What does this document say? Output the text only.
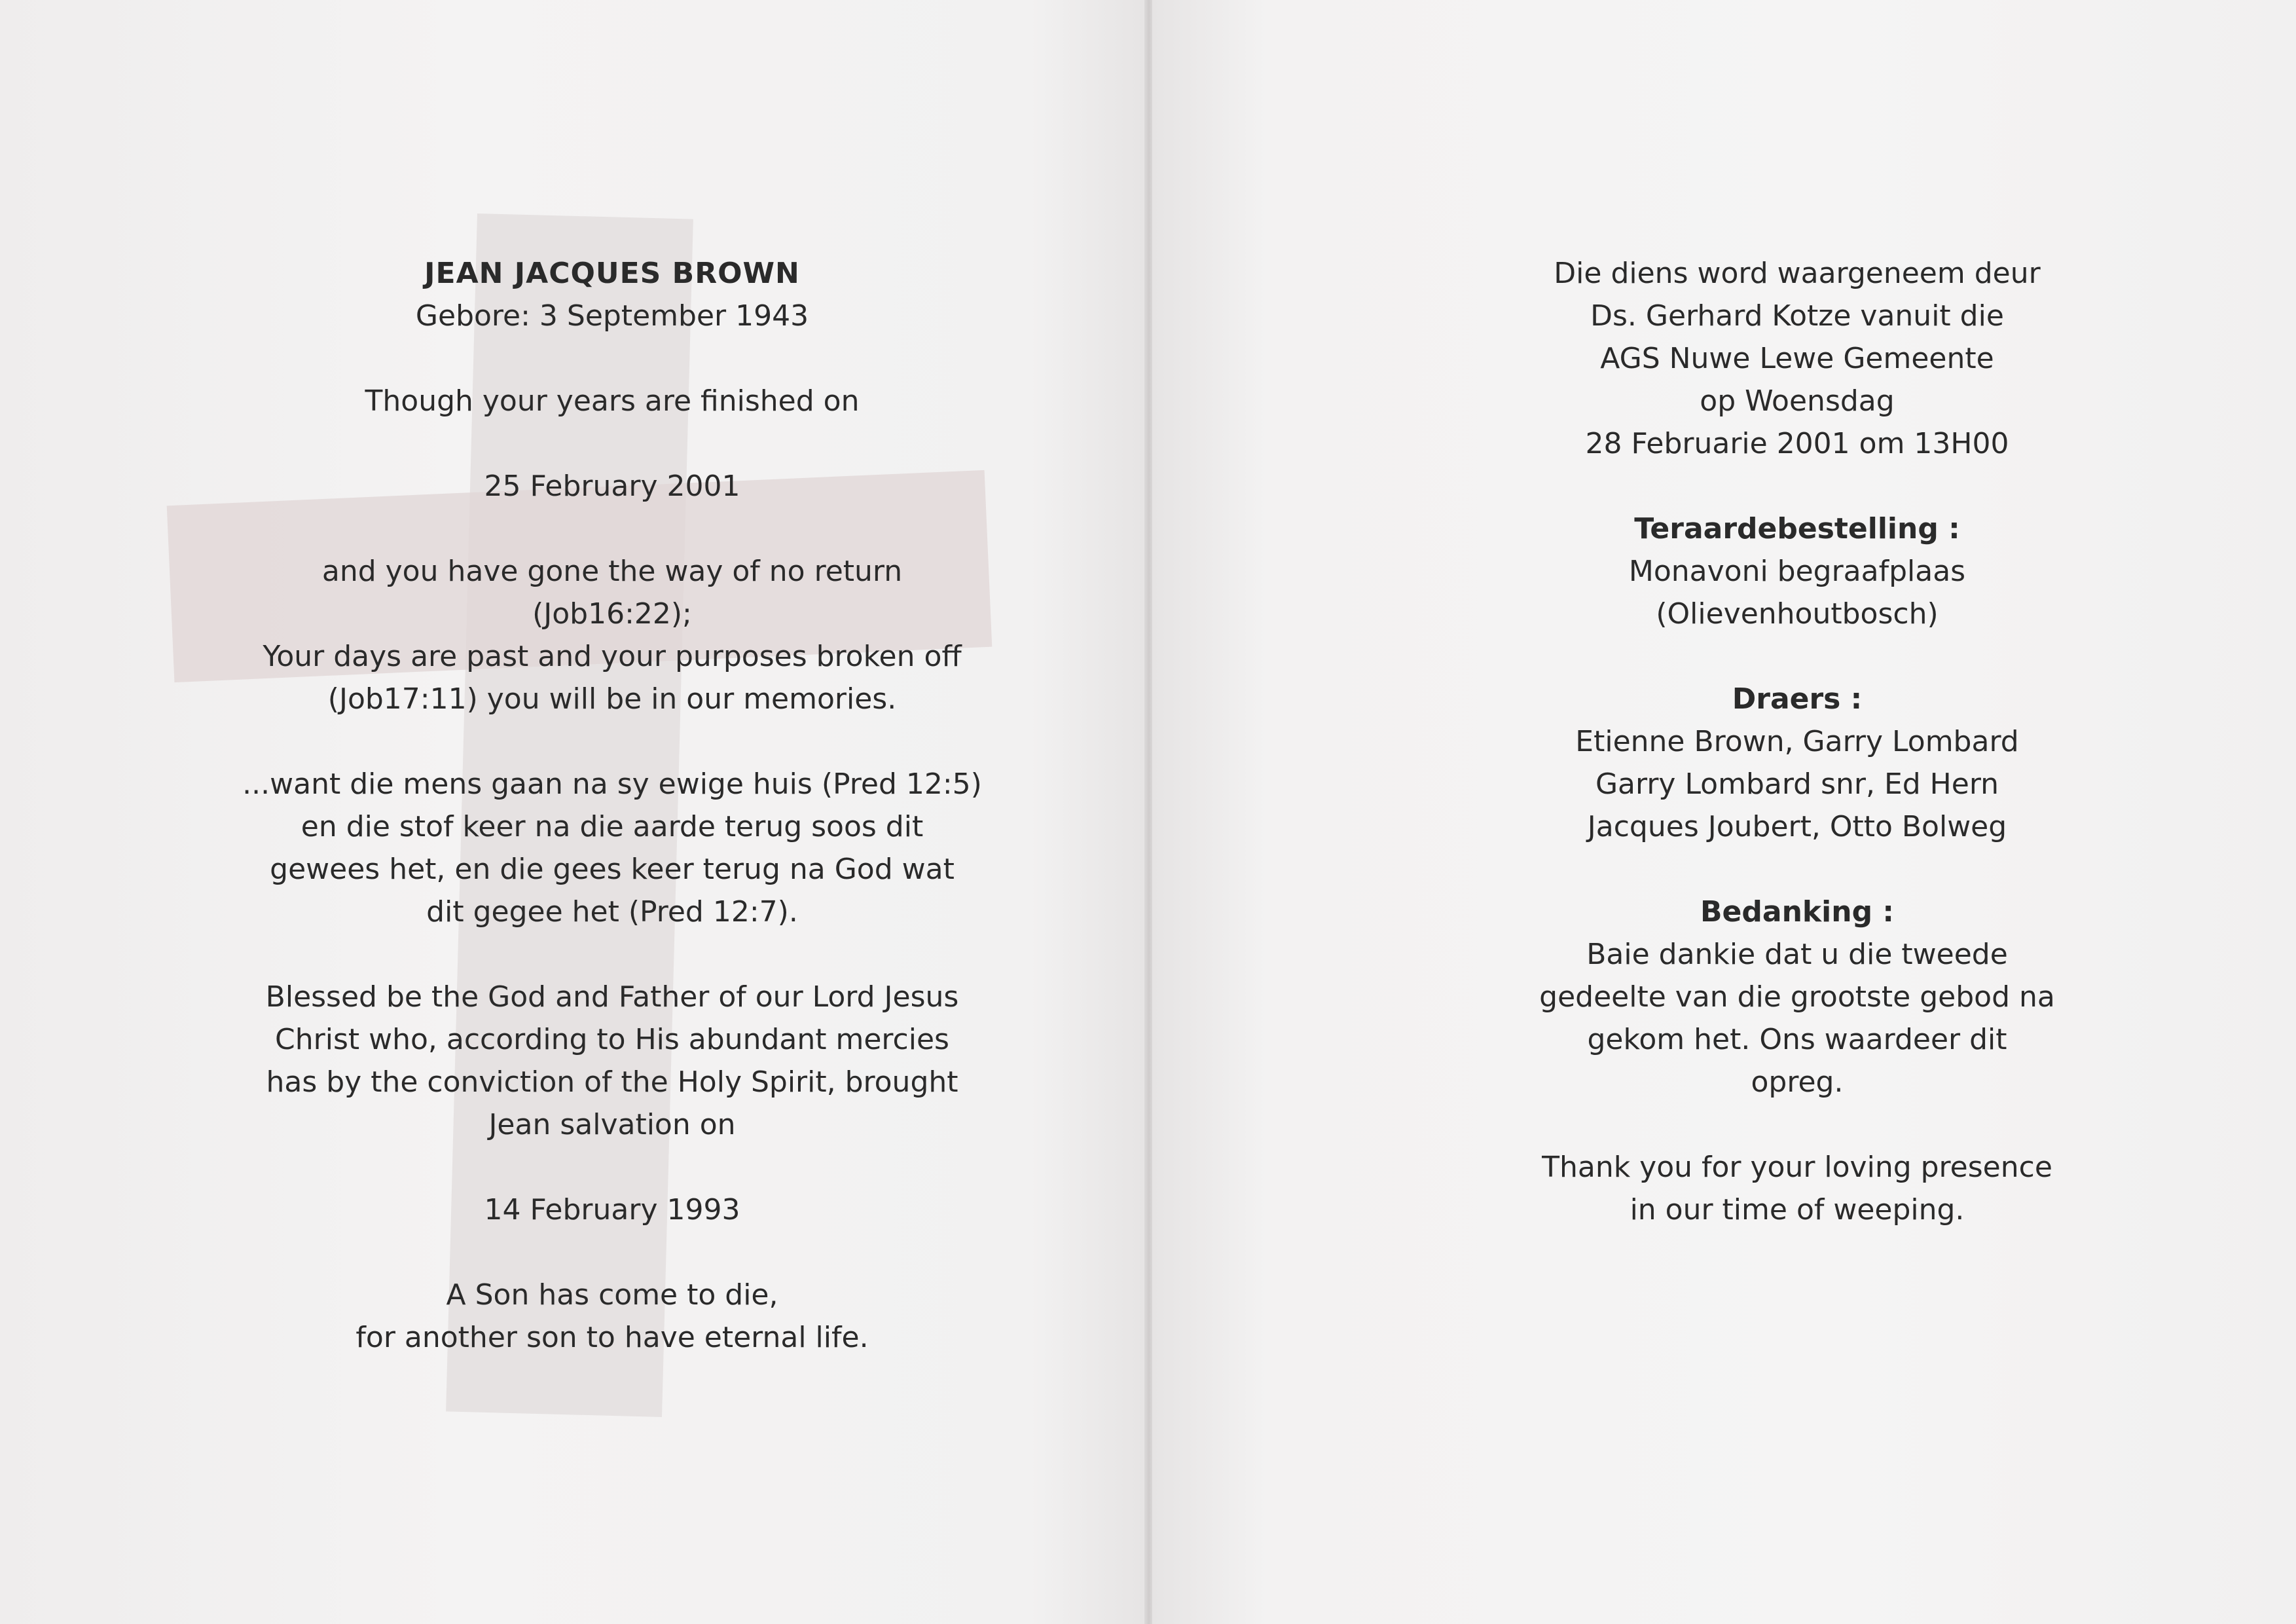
​
JEAN JACQUES BROWN
Gebore: 3 September 1943
Though your years are finished on
25 February 2001
and you have gone the way of no return
(Job16:22);
Your days are past and your purposes broken off
(Job17:11) you will be in our memories.
...want die mens gaan na sy ewige huis (Pred 12:5)
en die stof keer na die aarde terug soos dit
gewees het, en die gees keer terug na God wat
dit gegee het (Pred 12:7).
Blessed be the God and Father of our Lord Jesus
Christ who, according to His abundant mercies
has by the conviction of the Holy Spirit, brought
Jean salvation on
14 February 1993
A Son has come to die,
for another son to have eternal life.
Die diens word waargeneem deur
Ds. Gerhard Kotze vanuit die
AGS Nuwe Lewe Gemeente
op Woensdag
28 Februarie 2001 om 13H00
Teraardebestelling :
Monavoni begraafplaas
(Olievenhoutbosch)
Draers :
Etienne Brown, Garry Lombard
Garry Lombard snr, Ed Hern
Jacques Joubert, Otto Bolweg
Bedanking :
Baie dankie dat u die tweede
gedeelte van die grootste gebod na
gekom het. Ons waardeer dit
opreg.
Thank you for your loving presence
in our time of weeping.
